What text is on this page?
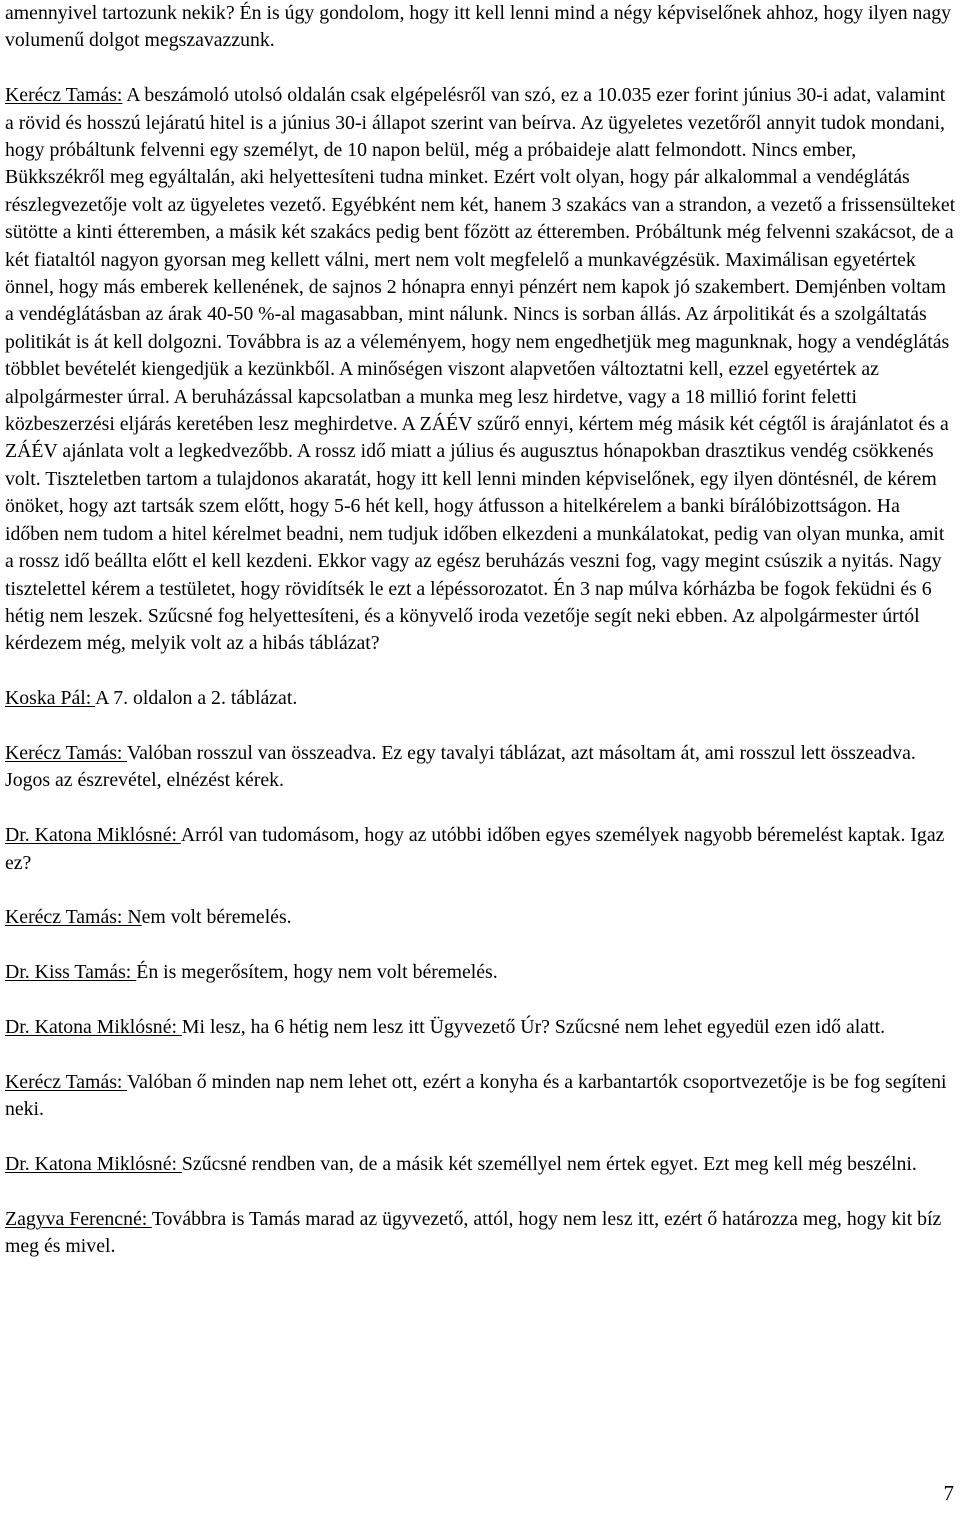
amennyivel tartozunk nekik? Én is úgy gondolom, hogy itt kell lenni mind a négy képviselőnek ahhoz, hogy ilyen nagy volumenű dolgot megszavazzunk.

Kerécz Tamás: A beszámoló utolsó oldalán csak elgépelésről van szó, ez a 10.035 ezer forint június 30-i adat, valamint a rövid és hosszú lejáratú hitel is a június 30-i állapot szerint van beírva. Az ügyeletes vezetőről annyit tudok mondani, hogy próbáltunk felvenni egy személyt, de 10 napon belül, még a próbaideje alatt felmondott. Nincs ember, Bükkszékről meg egyáltalán, aki helyettesíteni tudna minket. Ezért volt olyan, hogy pár alkalommal a vendéglátás részlegvezetője volt az ügyeletes vezető. Egyébként nem két, hanem 3 szakács van a strandon, a vezető a frissensülteket sütötte a kinti étteremben, a másik két szakács pedig bent főzött az étteremben. Próbáltunk még felvenni szakácsot, de a két fiataltól nagyon gyorsan meg kellett válni, mert nem volt megfelelő a munkavégzésük. Maximálisan egyetértek önnel, hogy más emberek kellenének, de sajnos 2 hónapra ennyi pénzért nem kapok jó szakembert. Demjénben voltam a vendéglátásban az árak 40-50 %-al magasabban, mint nálunk. Nincs is sorban állás. Az árpolitikát és a szolgáltatás politikát is át kell dolgozni. Továbbra is az a véleményem, hogy nem engedhetjük meg magunknak, hogy a vendéglátás többlet bevételét kiengedjük a kezünkből. A minőségen viszont alapvetően változtatni kell, ezzel egyetértek az alpolgármester úrral. A beruházással kapcsolatban a munka meg lesz hirdetve, vagy a 18 millió forint feletti közbeszerzési eljárás keretében lesz meghirdetve. A ZÁÉV szűrő ennyi, kértem még másik két cégtől is árajánlatot és a ZÁÉV ajánlata volt a legkedvezőbb. A rossz idő miatt a július és augusztus hónapokban drasztikus vendég csökkenés volt. Tiszteletben tartom a tulajdonos akaratát, hogy itt kell lenni minden képviselőnek, egy ilyen döntésnél, de kérem önöket, hogy azt tartsák szem előtt, hogy 5-6 hét kell, hogy átfusson a hitelkérelem a banki bírálóbizottságon. Ha időben nem tudom a hitel kérelmet beadni, nem tudjuk időben elkezdeni a munkálatokat, pedig van olyan munka, amit a rossz idő beállta előtt el kell kezdeni. Ekkor vagy az egész beruházás veszni fog, vagy megint csúszik a nyitás. Nagy tisztelettel kérem a testületet, hogy rövidítsék le ezt a lépéssorozatot. Én 3 nap múlva kórházba be fogok feküdni és 6 hétig nem leszek. Szűcsné fog helyettesíteni, és a könyvelő iroda vezetője segít neki ebben. Az alpolgármester úrtól kérdezem még, melyik volt az a hibás táblázat?

Koska Pál: A 7. oldalon a 2. táblázat.

Kerécz Tamás: Valóban rosszul van összeadva. Ez egy tavalyi táblázat, azt másoltam át, ami rosszul lett összeadva. Jogos az észrevétel, elnézést kérek.

Dr. Katona Miklósné: Arról van tudomásom, hogy az utóbbi időben egyes személyek nagyobb béremelést kaptak. Igaz ez?

Kerécz Tamás: Nem volt béremelés.

Dr. Kiss Tamás: Én is megerősítem, hogy nem volt béremelés.

Dr. Katona Miklósné: Mi lesz, ha 6 hétig nem lesz itt Ügyvezető Úr? Szűcsné nem lehet egyedül ezen idő alatt.

Kerécz Tamás: Valóban ő minden nap nem lehet ott, ezért a konyha és a karbantartók csoportvezetője is be fog segíteni neki.

Dr. Katona Miklósné: Szűcsné rendben van, de a másik két személlyel nem értek egyet. Ezt meg kell még beszélni.

Zagyva Ferencné: Továbbra is Tamás marad az ügyvezető, attól, hogy nem lesz itt, ezért ő határozza meg, hogy kit bíz meg és mivel.

7
